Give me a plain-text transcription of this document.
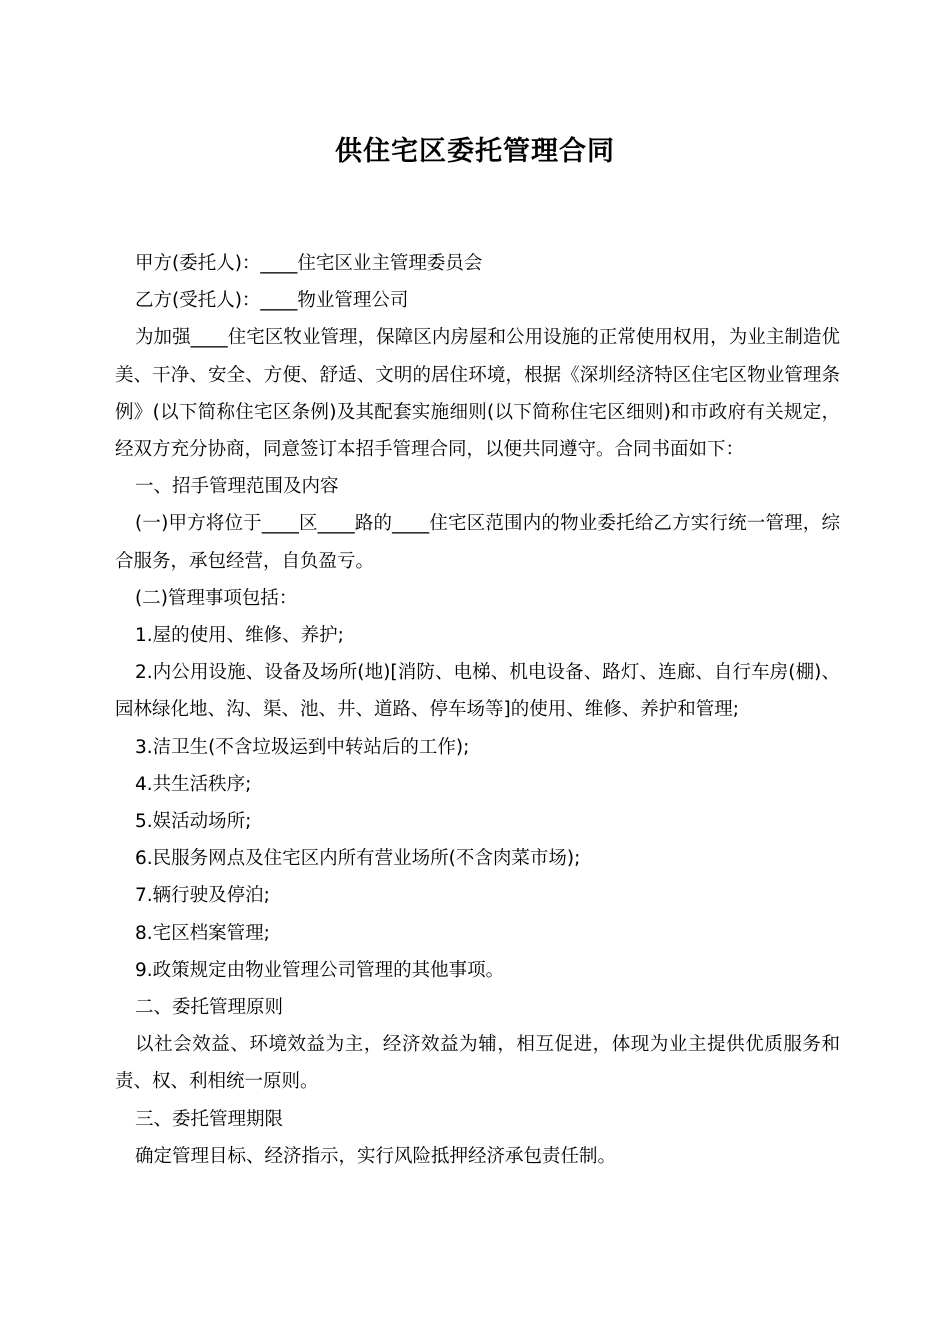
供住宅区委托管理合同

甲方(委托人)：____住宅区业主管理委员会

乙方(受托人)：____物业管理公司

为加强____住宅区牧业管理，保障区内房屋和公用设施的正常使用权用，为业主制造优美、干净、安全、方便、舒适、文明的居住环境，根据《深圳经济特区住宅区物业管理条例》(以下简称住宅区条例)及其配套实施细则(以下简称住宅区细则)和市政府有关规定，经双方充分协商，同意签订本招手管理合同，以便共同遵守。合同书面如下：

一、招手管理范围及内容

(一)甲方将位于____区____路的____住宅区范围内的物业委托给乙方实行统一管理，综合服务，承包经营，自负盈亏。

(二)管理事项包括：

1.屋的使用、维修、养护;

2.内公用设施、设备及场所(地)[消防、电梯、机电设备、路灯、连廊、自行车房(棚)、园林绿化地、沟、渠、池、井、道路、停车场等]的使用、维修、养护和管理;

3.洁卫生(不含垃圾运到中转站后的工作);

4.共生活秩序;

5.娱活动场所;

6.民服务网点及住宅区内所有营业场所(不含肉菜市场);

7.辆行驶及停泊;

8.宅区档案管理;

9.政策规定由物业管理公司管理的其他事项。

二、委托管理原则

以社会效益、环境效益为主，经济效益为辅，相互促进，体现为业主提供优质服务和责、权、利相统一原则。

三、委托管理期限

确定管理目标、经济指示，实行风险抵押经济承包责任制。
